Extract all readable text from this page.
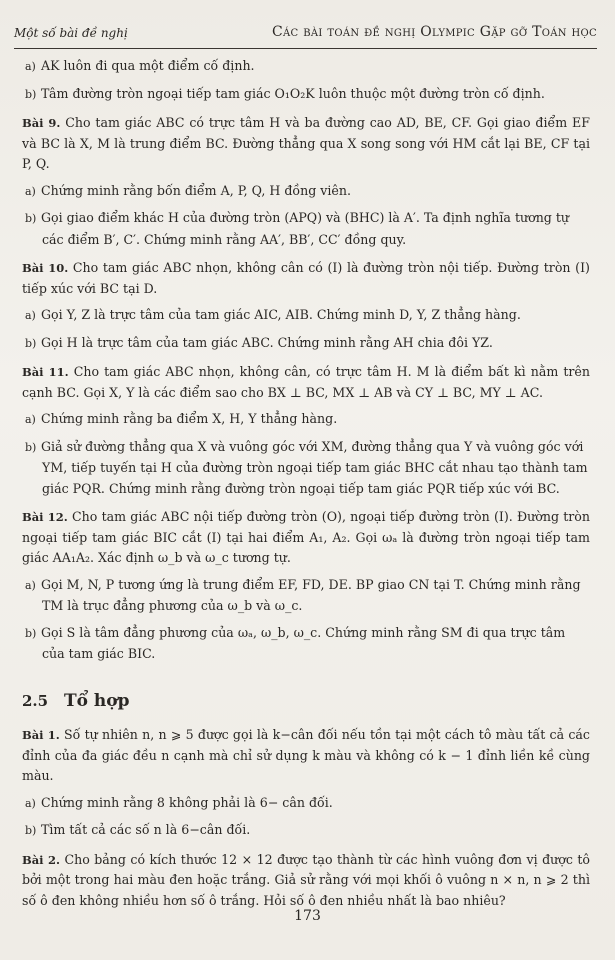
Một số bài đề nghị	Các bài toán đề nghị Olympic Gặp gỡ Toán học

a) AK luôn đi qua một điểm cố định.

b) Tâm đường tròn ngoại tiếp tam giác O₁O₂K luôn thuộc một đường tròn cố định.

Bài 9. Cho tam giác ABC có trực tâm H và ba đường cao AD, BE, CF. Gọi giao điểm EF và BC là X, M là trung điểm BC. Đường thẳng qua X song song với HM cắt lại BE, CF tại P, Q.

a) Chứng minh rằng bốn điểm A, P, Q, H đồng viên.

b) Gọi giao điểm khác H của đường tròn (APQ) và (BHC) là A′. Ta định nghĩa tương tự các điểm B′, C′. Chứng minh rằng AA′, BB′, CC′ đồng quy.

Bài 10. Cho tam giác ABC nhọn, không cân có (I) là đường tròn nội tiếp. Đường tròn (I) tiếp xúc với BC tại D.

a) Gọi Y, Z là trực tâm của tam giác AIC, AIB. Chứng minh D, Y, Z thẳng hàng.

b) Gọi H là trực tâm của tam giác ABC. Chứng minh rằng AH chia đôi YZ.

Bài 11. Cho tam giác ABC nhọn, không cân, có trực tâm H. M là điểm bất kì nằm trên cạnh BC. Gọi X, Y là các điểm sao cho BX ⊥ BC, MX ⊥ AB và CY ⊥ BC, MY ⊥ AC.

a) Chứng minh rằng ba điểm X, H, Y thẳng hàng.

b) Giả sử đường thẳng qua X và vuông góc với XM, đường thẳng qua Y và vuông góc với YM, tiếp tuyến tại H của đường tròn ngoại tiếp tam giác BHC cắt nhau tạo thành tam giác PQR. Chứng minh rằng đường tròn ngoại tiếp tam giác PQR tiếp xúc với BC.

Bài 12. Cho tam giác ABC nội tiếp đường tròn (O), ngoại tiếp đường tròn (I). Đường tròn ngoại tiếp tam giác BIC cắt (I) tại hai điểm A₁, A₂. Gọi ωₐ là đường tròn ngoại tiếp tam giác AA₁A₂. Xác định ω_b và ω_c tương tự.

a) Gọi M, N, P tương ứng là trung điểm EF, FD, DE. BP giao CN tại T. Chứng minh rằng TM là trục đẳng phương của ω_b và ω_c.

b) Gọi S là tâm đẳng phương của ωₐ, ω_b, ω_c. Chứng minh rằng SM đi qua trực tâm của tam giác BIC.

2.5 Tổ hợp

Bài 1. Số tự nhiên n, n ⩾ 5 được gọi là k−cân đối nếu tồn tại một cách tô màu tất cả các đỉnh của đa giác đều n cạnh mà chỉ sử dụng k màu và không có k − 1 đỉnh liền kề cùng màu.

a) Chứng minh rằng 8 không phải là 6− cân đối.

b) Tìm tất cả các số n là 6−cân đối.

Bài 2. Cho bảng có kích thước 12 × 12 được tạo thành từ các hình vuông đơn vị được tô bởi một trong hai màu đen hoặc trắng. Giả sử rằng với mọi khối ô vuông n × n, n ⩾ 2 thì số ô đen không nhiều hơn số ô trắng. Hỏi số ô đen nhiều nhất là bao nhiêu?

173
